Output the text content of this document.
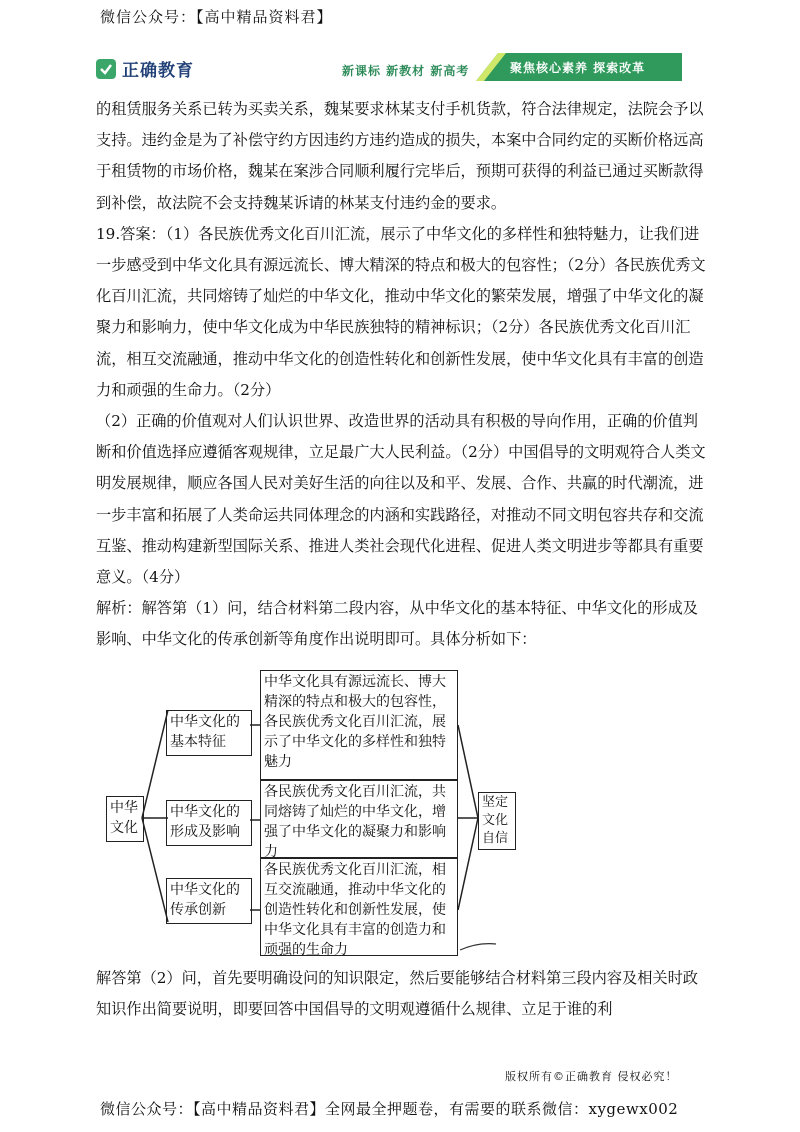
微信公众号：【高中精品资料君】
正确教育	新课标 新教材 新高考	聚焦核心素养 探索改革

的租赁服务关系已转为买卖关系，魏某要求林某支付手机货款，符合法律规定，法院会予以支持。违约金是为了补偿守约方因违约方违约造成的损失，本案中合同约定的买断价格远高于租赁物的市场价格，魏某在案涉合同顺利履行完毕后，预期可获得的利益已通过买断款得到补偿，故法院不会支持魏某诉请的林某支付违约金的要求。

19.答案：（1）各民族优秀文化百川汇流，展示了中华文化的多样性和独特魅力，让我们进一步感受到中华文化具有源远流长、博大精深的特点和极大的包容性；（2分）各民族优秀文化百川汇流，共同熔铸了灿烂的中华文化，推动中华文化的繁荣发展，增强了中华文化的凝聚力和影响力，使中华文化成为中华民族独特的精神标识；（2分）各民族优秀文化百川汇流，相互交流融通，推动中华文化的创造性转化和创新性发展，使中华文化具有丰富的创造力和顽强的生命力。（2分）

（2）正确的价值观对人们认识世界、改造世界的活动具有积极的导向作用，正确的价值判断和价值选择应遵循客观规律，立足最广大人民利益。（2分）中国倡导的文明观符合人类文明发展规律，顺应各国人民对美好生活的向往以及和平、发展、合作、共赢的时代潮流，进一步丰富和拓展了人类命运共同体理念的内涵和实践路径，对推动不同文明包容共存和交流互鉴、推动构建新型国际关系、推进人类社会现代化进程、促进人类文明进步等都具有重要意义。（4分）

解析：解答第（1）问，结合材料第二段内容，从中华文化的基本特征、中华文化的形成及影响、中华文化的传承创新等角度作出说明即可。具体分析如下：

中华文化
中华文化的基本特征
中华文化的形成及影响
中华文化的传承创新
中华文化具有源远流长、博大精深的特点和极大的包容性，各民族优秀文化百川汇流，展示了中华文化的多样性和独特魅力
各民族优秀文化百川汇流，共同熔铸了灿烂的中华文化，增强了中华文化的凝聚力和影响力
各民族优秀文化百川汇流，相互交流融通，推动中华文化的创造性转化和创新性发展，使中华文化具有丰富的创造力和顽强的生命力
坚定文化自信

解答第（2）问，首先要明确设问的知识限定，然后要能够结合材料第三段内容及相关时政知识作出简要说明，即要回答中国倡导的文明观遵循什么规律、立足于谁的利

版权所有©正确教育 侵权必究！
微信公众号：【高中精品资料君】全网最全押题卷，有需要的联系微信：xygewx002
